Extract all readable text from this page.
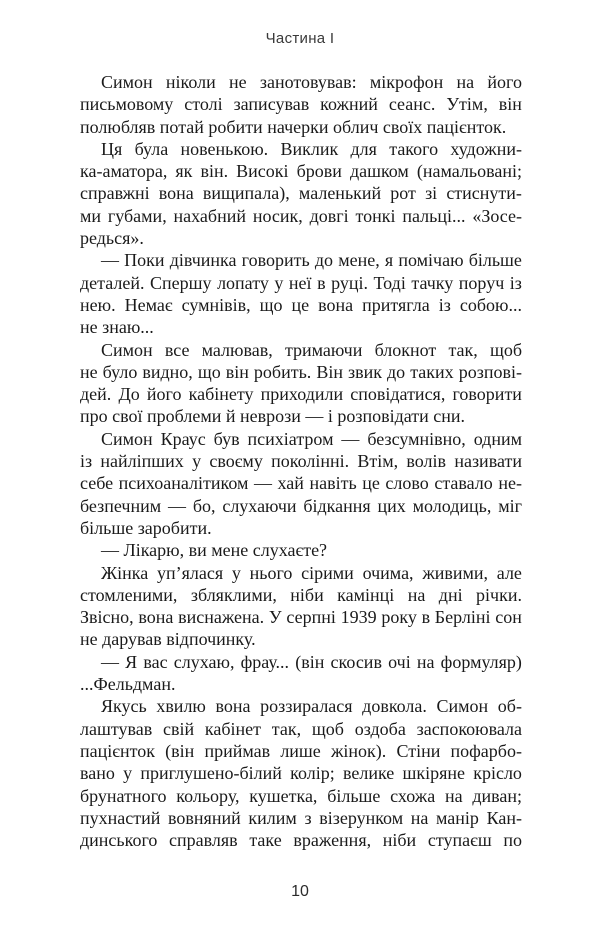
Частина I
Симон ніколи не занотовував: мікрофон на його
письмовому столі записував кожний сеанс. Утім, він
полюбляв потай робити начерки облич своїх пацієнток.
Ця була новенькою. Виклик для такого художни-
ка-аматора, як він. Високі брови дашком (намальовані;
справжні вона вищипала), маленький рот зі стиснути-
ми губами, нахабний носик, довгі тонкі пальці... «Зосе-
редься».
— Поки дівчинка говорить до мене, я помічаю більше
деталей. Спершу лопату у неї в руці. Тоді тачку поруч із
нею. Немає сумнівів, що це вона притягла із собою...
не знаю...
Симон все малював, тримаючи блокнот так, щоб
не було видно, що він робить. Він звик до таких розпові-
дей. До його кабінету приходили сповідатися, говорити
про свої проблеми й неврози — і розповідати сни.
Симон Краус був психіатром — безсумнівно, одним
із найліпших у своєму поколінні. Втім, волів називати
себе психоаналітиком — хай навіть це слово ставало не-
безпечним — бо, слухаючи бідкання цих молодиць, міг
більше заробити.
— Лікарю, ви мене слухаєте?
Жінка уп’ялася у нього сірими очима, живими, але
стомленими, збляклими, ніби камінці на дні річки.
Звісно, вона виснажена. У серпні 1939 року в Берліні сон
не дарував відпочинку.
— Я вас слухаю, фрау... (він скосив очі на формуляр)
...Фельдман.
Якусь хвилю вона роззиралася довкола. Симон об-
лаштував свій кабінет так, щоб оздоба заспокоювала
пацієнток (він приймав лише жінок). Стіни пофарбо-
вано у приглушено-білий колір; велике шкіряне крісло
брунатного кольору, кушетка, більше схожа на диван;
пухнастий вовняний килим з візерунком на манір Кан-
динського справляв таке враження, ніби ступаєш по
10
